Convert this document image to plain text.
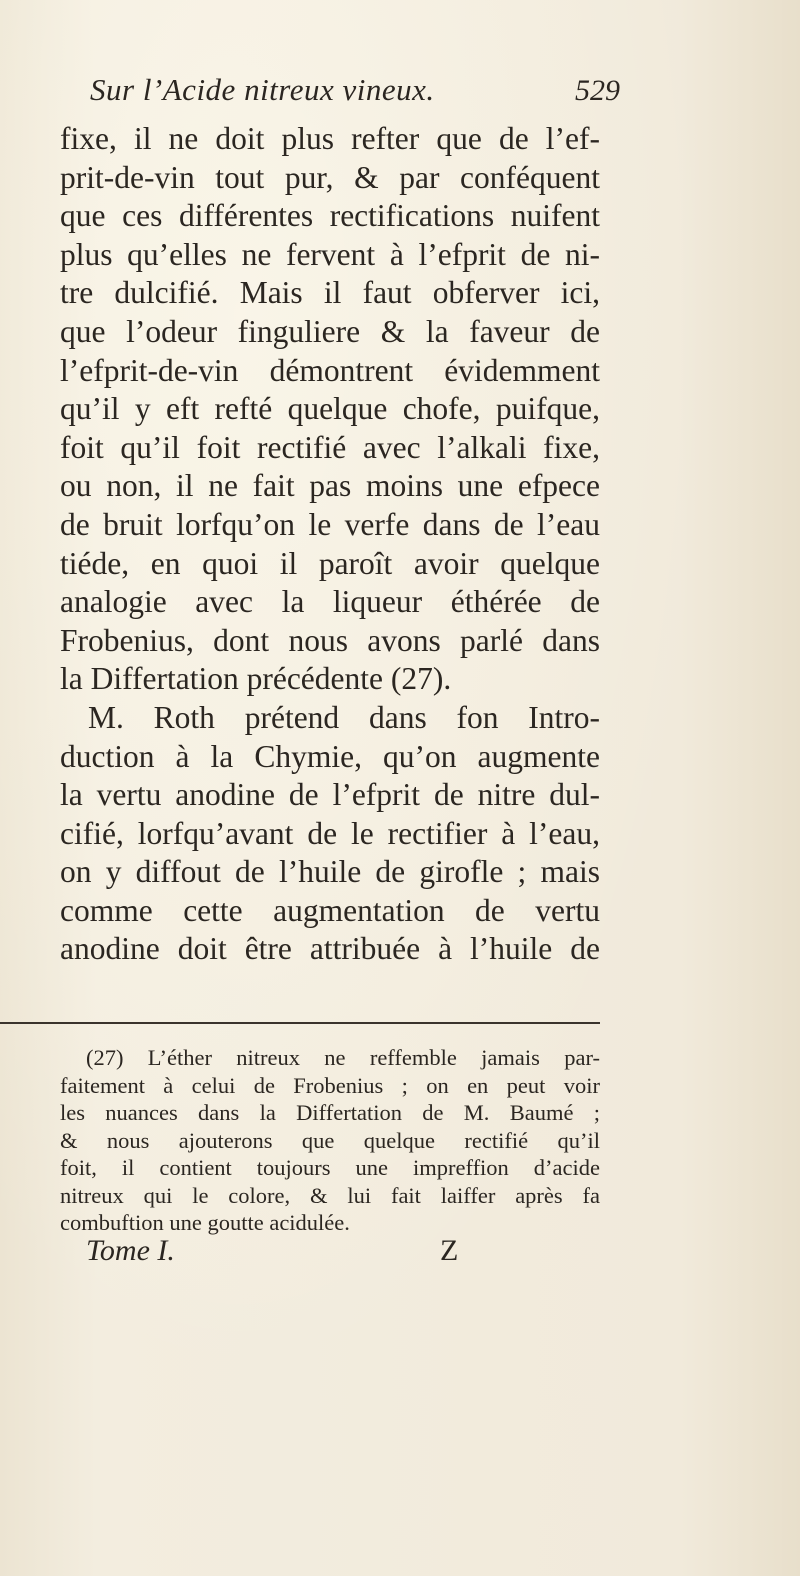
Sur l’Acide nitreux vineux.	529
fixe, il ne doit plus refter que de l’ef-
prit-de-vin tout pur, & par conféquent
que ces différentes rectifications nuifent
plus qu’elles ne fervent à l’efprit de ni-
tre dulcifié. Mais il faut obferver ici,
que l’odeur finguliere & la faveur de
l’efprit-de-vin démontrent évidemment
qu’il y eft refté quelque chofe, puifque,
foit qu’il foit rectifié avec l’alkali fixe,
ou non, il ne fait pas moins une efpece
de bruit lorfqu’on le verfe dans de l’eau
tiéde, en quoi il paroît avoir quelque
analogie avec la liqueur éthérée de
Frobenius, dont nous avons parlé dans
la Differtation précédente (27).
M. Roth prétend dans fon Intro-
duction à la Chymie, qu’on augmente
la vertu anodine de l’efprit de nitre dul-
cifié, lorfqu’avant de le rectifier à l’eau,
on y diffout de l’huile de girofle ; mais
comme cette augmentation de vertu
anodine doit être attribuée à l’huile de
(27) L’éther nitreux ne reffemble jamais par-
faitement à celui de Frobenius ; on en peut voir
les nuances dans la Differtation de M. Baumé ;
& nous ajouterons que quelque rectifié qu’il
foit, il contient toujours une impreffion d’acide
nitreux qui le colore, & lui fait laiffer après fa
combuftion une goutte acidulée.
Tome I.	Z
